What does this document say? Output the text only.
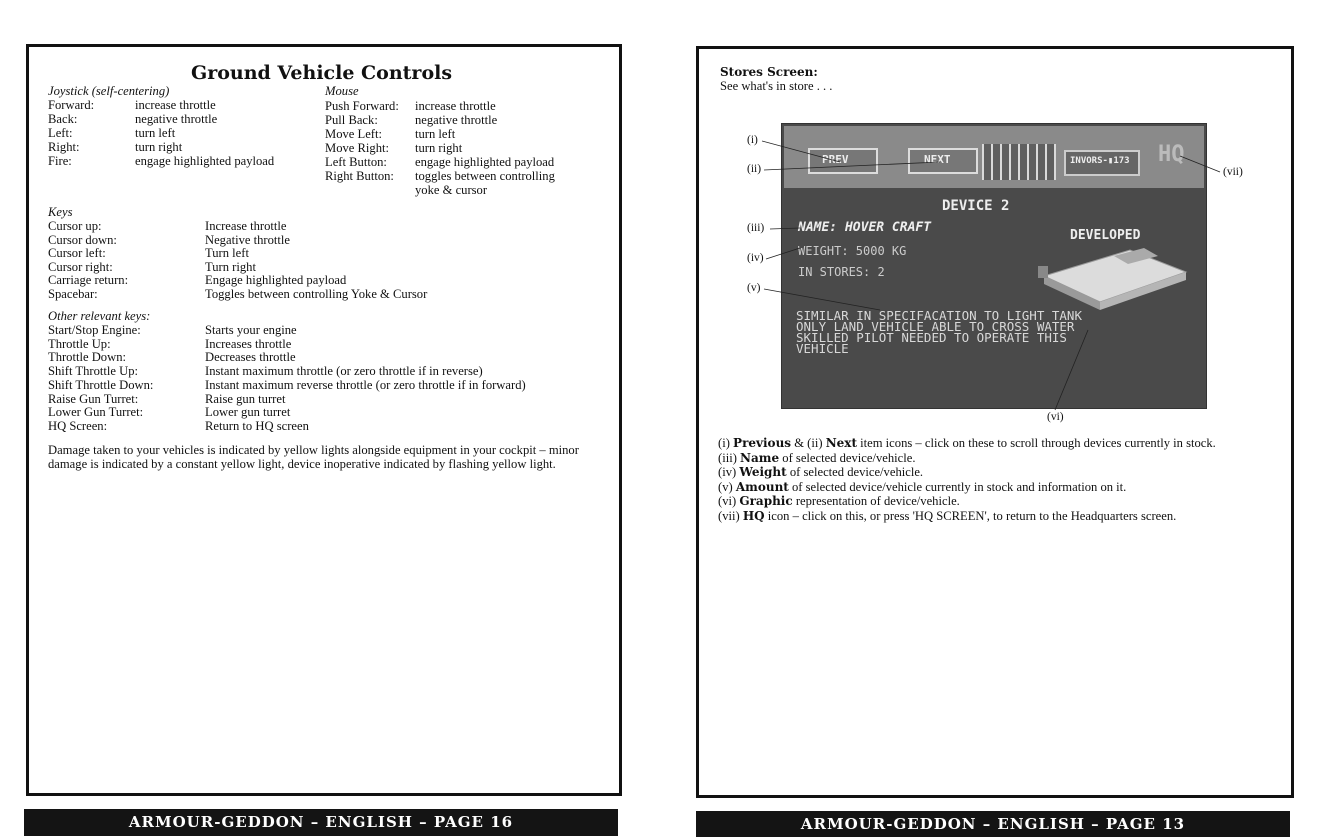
Ground Vehicle Controls
Joystick (self-centering)
Forward:	increase throttle
Back:	negative throttle
Left:	turn left
Right:	turn right
Fire:	engage highlighted payload
Mouse
Push Forward: increase throttle
Pull Back:	negative throttle
Move Left:	turn left
Move Right: turn right
Left Button: engage highlighted payload
Right Button: toggles between controlling
yoke & cursor
Keys
Cursor up:	Increase throttle
Cursor down:	Negative throttle
Cursor left:	Turn left
Cursor right:	Turn right
Carriage return:	Engage highlighted payload
Spacebar:	Toggles between controlling Yoke & Cursor
Other relevant keys:
Start/Stop Engine:	Starts your engine
Throttle Up:	Increases throttle
Throttle Down:	Decreases throttle
Shift Throttle Up:	Instant maximum throttle (or zero throttle if in reverse)
Shift Throttle Down:	Instant maximum reverse throttle (or zero throttle if in forward)
Raise Gun Turret:	Raise gun turret
Lower Gun Turret:	Lower gun turret
HQ Screen:	Return to HQ screen
Damage taken to your vehicles is indicated by yellow lights alongside equipment in your cockpit – minor damage is indicated by a constant yellow light, device inoperative indicated by flashing yellow light.
ARMOUR-GEDDON – ENGLISH – PAGE 16
Stores Screen:
See what's in store . . .
PREV	NEXT	INVORS-▮173 HQ
DEVICE 2
NAME: HOVER CRAFT
DEVELOPED
WEIGHT: 5000 KG
IN STORES: 2
SIMILAR IN SPECIFACATION TO LIGHT TANK
ONLY LAND VEHICLE ABLE TO CROSS WATER
SKILLED PILOT NEEDED TO OPERATE THIS
VEHICLE
(i)
(ii)
(iii)
(iv)
(v)
(vi)
(vii)
(i) Previous & (ii) Next item icons – click on these to scroll through devices currently in stock.
(iii) Name of selected device/vehicle.
(iv) Weight of selected device/vehicle.
(v) Amount of selected device/vehicle currently in stock and information on it.
(vi) Graphic representation of device/vehicle.
(vii) HQ icon – click on this, or press 'HQ SCREEN', to return to the Headquarters screen.
ARMOUR-GEDDON – ENGLISH – PAGE 13
